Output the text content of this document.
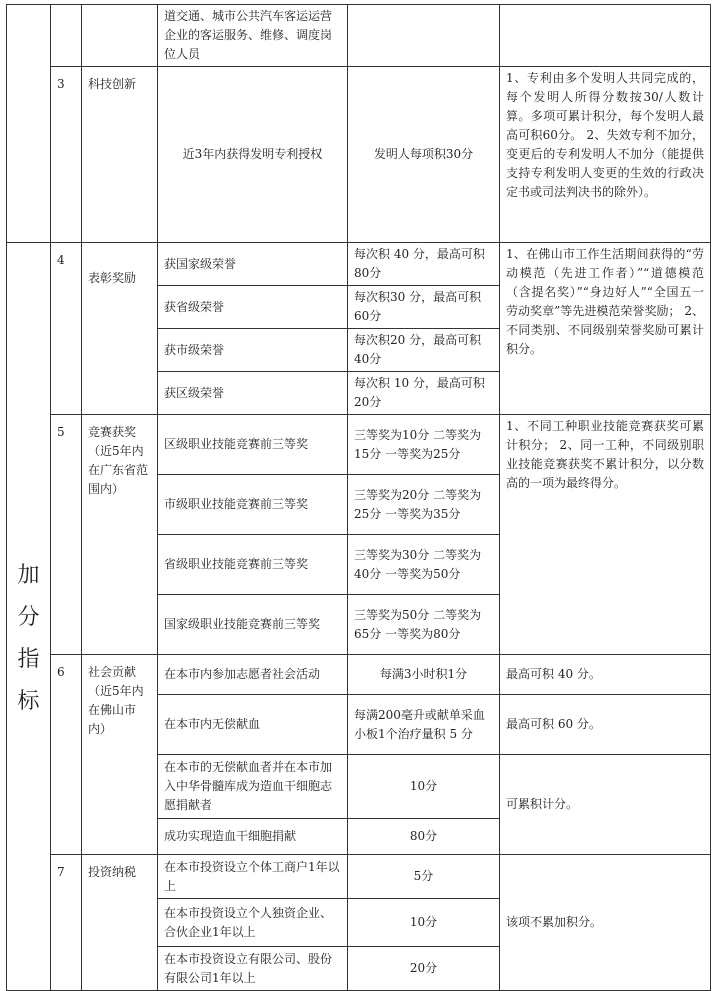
			道交通、城市公共汽车客运运营企业的客运服务、维修、调度岗位人员		
	3	科技创新	近3年内获得发明专利授权	发明人每项积30分	1、专利由多个发明人共同完成的，每个发明人所得分数按30/人数计算。多项可累计积分，每个发明人最高可积60分。 2、失效专利不加分，变更后的专利发明人不加分（能提供支持专利发明人变更的生效的行政决定书或司法判决书的除外）。

加
分
指
标	4	表彰奖励	获国家级荣誉	每次积 40 分，最高可积80分	1、在佛山市工作生活期间获得的“劳动模范（先进工作者）”“道德模范（含提名奖）”“身边好人”“全国五一劳动奖章”等先进模范荣誉奖励； 2、不同类别、不同级别荣誉奖励可累计积分。
			获省级荣誉	每次积30 分，最高可积 60分	
			获市级荣誉	每次积20 分，最高可积40分	
			获区级荣誉	每次积 10 分，最高可积20分	
	5	竞赛获奖（近5年内在广东省范围内）	区级职业技能竞赛前三等奖	三等奖为10分 二等奖为15分 一等奖为25分	1、不同工种职业技能竞赛获奖可累计积分； 2、同一工种，不同级别职业技能竞赛获奖不累计积分，以分数高的一项为最终得分。
			市级职业技能竞赛前三等奖	三等奖为20分 二等奖为25分 一等奖为35分	
			省级职业技能竞赛前三等奖	三等奖为30分 二等奖为40分 一等奖为50分	
			国家级职业技能竞赛前三等奖	三等奖为50分 二等奖为65分 一等奖为80分	
	6	社会贡献（近5年内在佛山市内）	在本市内参加志愿者社会活动	每满3小时积1分	最高可积 40 分。
			在本市内无偿献血	每满200毫升或献单采血小板1个治疗量积 5 分	最高可积 60 分。
			在本市的无偿献血者并在本市加入中华骨髓库成为造血干细胞志愿捐献者	10分	可累积计分。
			成功实现造血干细胞捐献	80分	
	7	投资纳税	在本市投资设立个体工商户1年以上	5分	该项不累加积分。
			在本市投资设立个人独资企业、合伙企业1年以上	10分	
			在本市投资设立有限公司、股份有限公司1年以上	20分	
